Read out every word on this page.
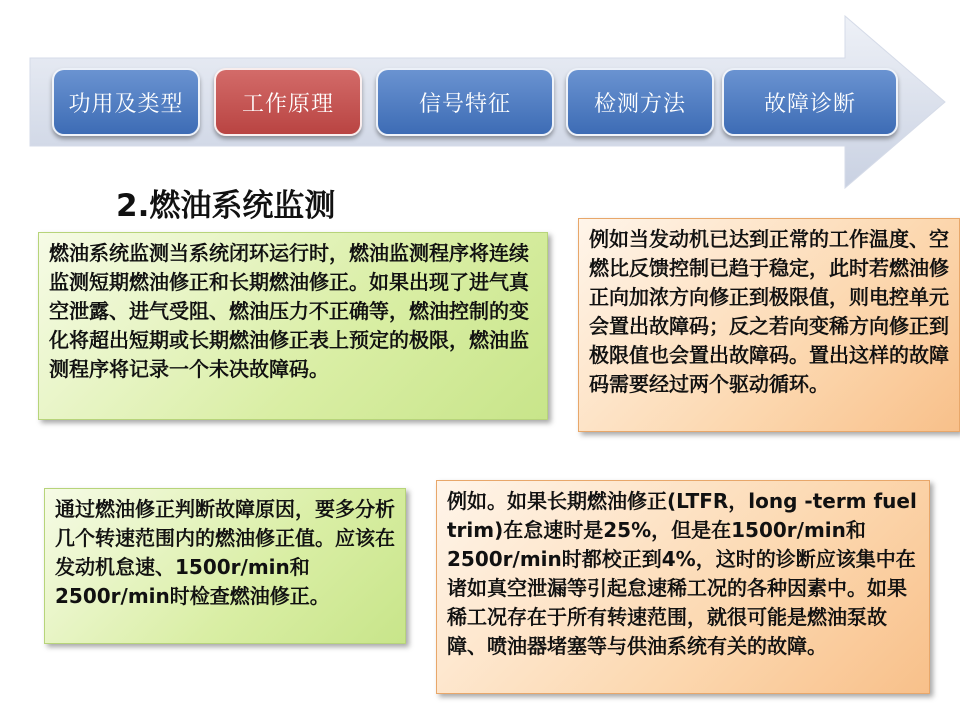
功用及类型	工作原理	信号特征	检测方法	故障诊断
2.燃油系统监测
燃油系统监测当系统闭环运行时，燃油监测程序将连续监测短期燃油修正和长期燃油修正。如果出现了进气真空泄露、进气受阻、燃油压力不正确等，燃油控制的变化将超出短期或长期燃油修正表上预定的极限，燃油监测程序将记录一个未决故障码。
例如当发动机已达到正常的工作温度、空燃比反馈控制已趋于稳定，此时若燃油修正向加浓方向修正到极限值，则电控单元会置出故障码；反之若向变稀方向修正到极限值也会置出故障码。置出这样的故障码需要经过两个驱动循环。
通过燃油修正判断故障原因，要多分析几个转速范围内的燃油修正值。应该在发动机怠速、1500r/min和2500r/min时检查燃油修正。
例如。如果长期燃油修正(LTFR，long -term fuel trim)在怠速时是25%，但是在1500r/min和2500r/min时都校正到4%，这时的诊断应该集中在诸如真空泄漏等引起怠速稀工况的各种因素中。如果稀工况存在于所有转速范围，就很可能是燃油泵故障、喷油器堵塞等与供油系统有关的故障。
